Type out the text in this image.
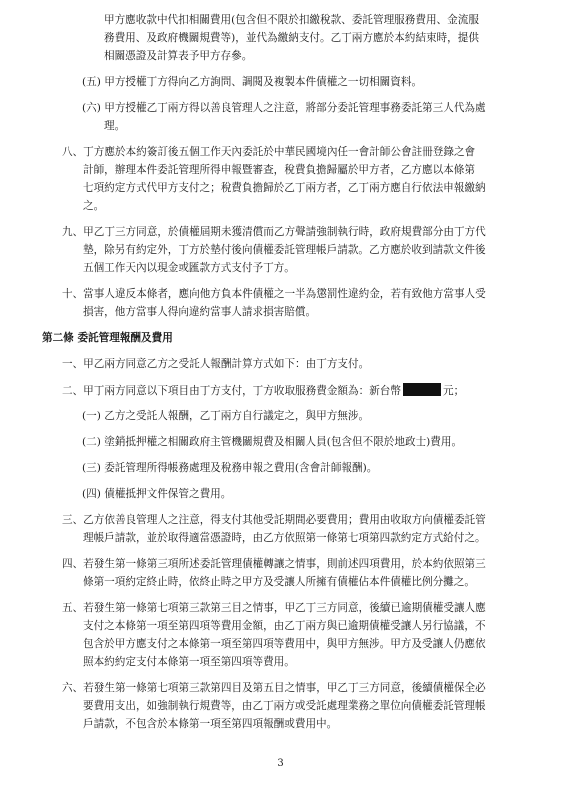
甲方應收款中代扣相關費用(包含但不限於扣繳稅款、委託管理服務費用、金流服
務費用、及政府機關規費等)，並代為繳納支付。乙丁兩方應於本約結束時，提供
相關憑證及計算表予甲方存參。
(五) 甲方授權丁方得向乙方詢問、調閱及複製本件債權之一切相關資料。
(六) 甲方授權乙丁兩方得以善良管理人之注意，將部分委託管理事務委託第三人代為處
理。
八、丁方應於本約簽訂後五個工作天內委託於中華民國境內任一會計師公會註冊登錄之會
計師，辦理本件委託管理所得申報暨審查，稅費負擔歸屬於甲方者，乙方應以本條第
七項約定方式代甲方支付之；稅費負擔歸於乙丁兩方者，乙丁兩方應自行依法申報繳納
之。
九、甲乙丁三方同意，於債權屆期未獲清償而乙方聲請強制執行時，政府規費部分由丁方代
墊，除另有約定外，丁方於墊付後向債權委託管理帳戶請款。乙方應於收到請款文件後
五個工作天內以現金或匯款方式支付予丁方。
十、當事人違反本條者，應向他方負本件債權之一半為懲罰性違約金，若有致他方當事人受
損害，他方當事人得向違約當事人請求損害賠償。
第二條 委託管理報酬及費用
一、甲乙兩方同意乙方之受託人報酬計算方式如下：由丁方支付。
二、甲丁兩方同意以下項目由丁方支付，丁方收取服務費金額為：新台幣	元；
(一) 乙方之受託人報酬，乙丁兩方自行議定之，與甲方無涉。
(二) 塗銷抵押權之相關政府主管機關規費及相關人員(包含但不限於地政士)費用。
(三) 委託管理所得帳務處理及稅務申報之費用(含會計師報酬)。
(四) 債權抵押文件保管之費用。
三、乙方依善良管理人之注意，得支付其他受託期間必要費用；費用由收取方向債權委託管
理帳戶請款，並於取得適當憑證時，由乙方依照第一條第七項第四款約定方式給付之。
四、若發生第一條第三項所述委託管理債權轉讓之情事，則前述四項費用，於本約依照第三
條第一項約定終止時，依終止時之甲方及受讓人所擁有債權佔本件債權比例分攤之。
五、若發生第一條第七項第三款第三目之情事，甲乙丁三方同意，後續已逾期債權受讓人應
支付之本條第一項至第四項等費用金額，由乙丁兩方與已逾期債權受讓人另行協議，不
包含於甲方應支付之本條第一項至第四項等費用中，與甲方無涉。甲方及受讓人仍應依
照本約約定支付本條第一項至第四項等費用。
六、若發生第一條第七項第三款第四目及第五目之情事，甲乙丁三方同意，後續債權保全必
要費用支出，如強制執行規費等，由乙丁兩方或受託處理業務之單位向債權委託管理帳
戶請款，不包含於本條第一項至第四項報酬或費用中。
3
